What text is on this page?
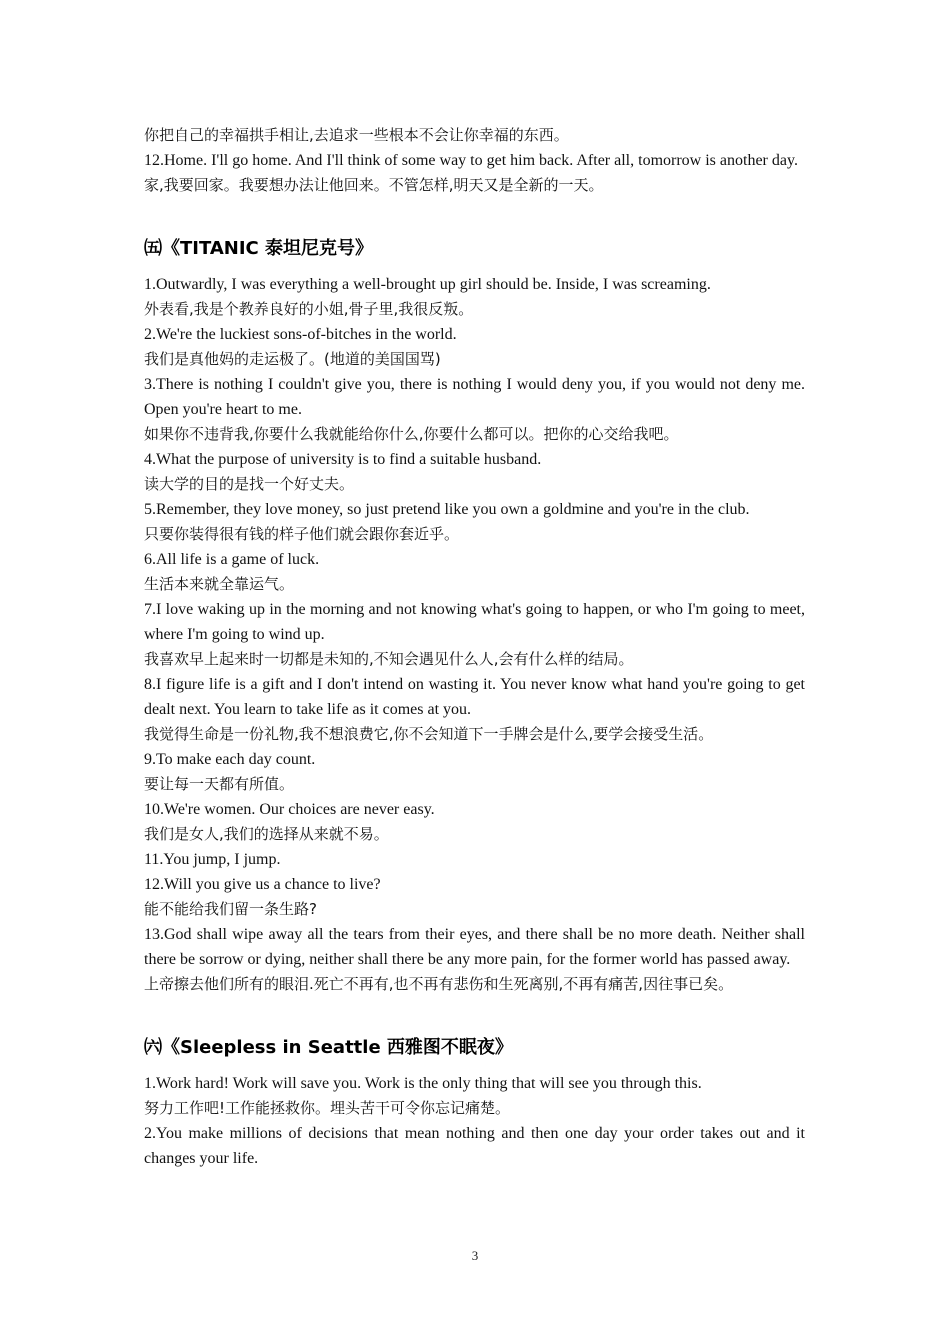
你把自己的幸福拱手相让,去追求一些根本不会让你幸福的东西。

12.Home. I'll go home. And I'll think of some way to get him back. After all, tomorrow is another day.

家,我要回家。我要想办法让他回来。不管怎样,明天又是全新的一天。

㈤《TITANIC 泰坦尼克号》

1.Outwardly, I was everything a well-brought up girl should be. Inside, I was screaming.

外表看,我是个教养良好的小姐,骨子里,我很反叛。

2.We're the luckiest sons-of-bitches in the world.

我们是真他妈的走运极了。(地道的美国国骂)

3.There is nothing I couldn't give you, there is nothing I would deny you, if you would not deny me. Open you're heart to me.

如果你不违背我,你要什么我就能给你什么,你要什么都可以。把你的心交给我吧。

4.What the purpose of university is to find a suitable husband.

读大学的目的是找一个好丈夫。

5.Remember, they love money, so just pretend like you own a goldmine and you're in the club.

只要你装得很有钱的样子他们就会跟你套近乎。

6.All life is a game of luck.

生活本来就全靠运气。

7.I love waking up in the morning and not knowing what's going to happen, or who I'm going to meet, where I'm going to wind up.

我喜欢早上起来时一切都是未知的,不知会遇见什么人,会有什么样的结局。

8.I figure life is a gift and I don't intend on wasting it. You never know what hand you're going to get dealt next. You learn to take life as it comes at you.

我觉得生命是一份礼物,我不想浪费它,你不会知道下一手牌会是什么,要学会接受生活。

9.To make each day count.

要让每一天都有所值。

10.We're women. Our choices are never easy.

我们是女人,我们的选择从来就不易。

11.You jump, I jump.

12.Will you give us a chance to live?

能不能给我们留一条生路?

13.God shall wipe away all the tears from their eyes, and there shall be no more death. Neither shall there be sorrow or dying, neither shall there be any more pain, for the former world has passed away.

上帝擦去他们所有的眼泪.死亡不再有,也不再有悲伤和生死离别,不再有痛苦,因往事已矣。

㈥《Sleepless in Seattle 西雅图不眠夜》

1.Work hard! Work will save you. Work is the only thing that will see you through this.

努力工作吧!工作能拯救你。埋头苦干可令你忘记痛楚。

2.You make millions of decisions that mean nothing and then one day your order takes out and it changes your life.

3
